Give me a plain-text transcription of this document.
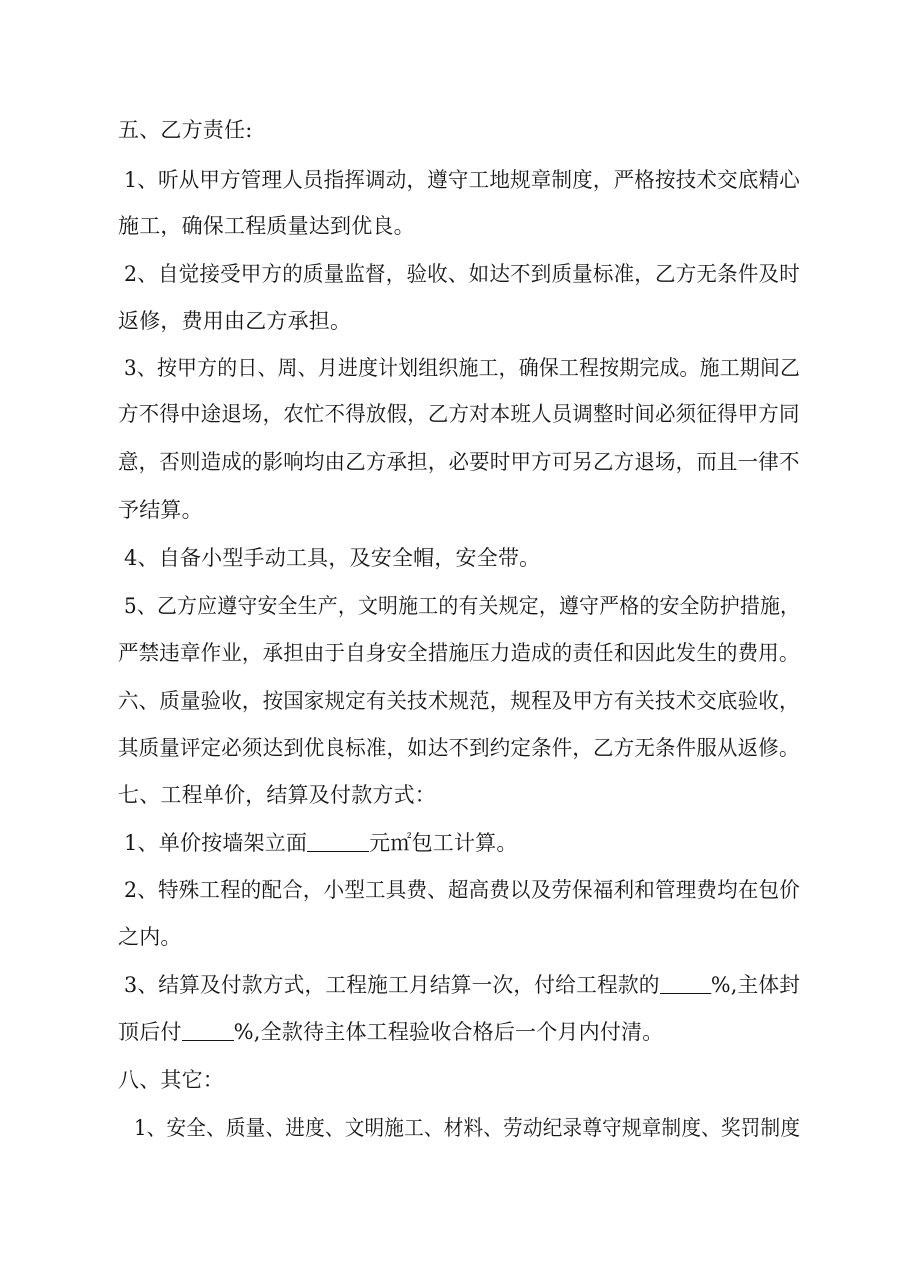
五、乙方责任:
1、听从甲方管理人员指挥调动，遵守工地规章制度，严格按技术交底精心
施工，确保工程质量达到优良。
2、自觉接受甲方的质量监督，验收、如达不到质量标准，乙方无条件及时
返修，费用由乙方承担。
3、按甲方的日、周、月进度计划组织施工，确保工程按期完成。施工期间乙
方不得中途退场，农忙不得放假，乙方对本班人员调整时间必须征得甲方同
意，否则造成的影响均由乙方承担，必要时甲方可另乙方退场，而且一律不
予结算。
4、自备小型手动工具，及安全帽，安全带。
5、乙方应遵守安全生产，文明施工的有关规定，遵守严格的安全防护措施，
严禁违章作业，承担由于自身安全措施压力造成的责任和因此发生的费用。
六、质量验收，按国家规定有关技术规范，规程及甲方有关技术交底验收，
其质量评定必须达到优良标准，如达不到约定条件，乙方无条件服从返修。
七、工程单价，结算及付款方式：
1、单价按墙架立面	元㎡包工计算。
2、特殊工程的配合，小型工具费、超高费以及劳保福利和管理费均在包价
之内。
3、结算及付款方式，工程施工月结算一次，付给工程款的 %,主体封
顶后付 %,全款待主体工程验收合格后一个月内付清。
八、其它：
1、安全、质量、进度、文明施工、材料、劳动纪录尊守规章制度、奖罚制度
